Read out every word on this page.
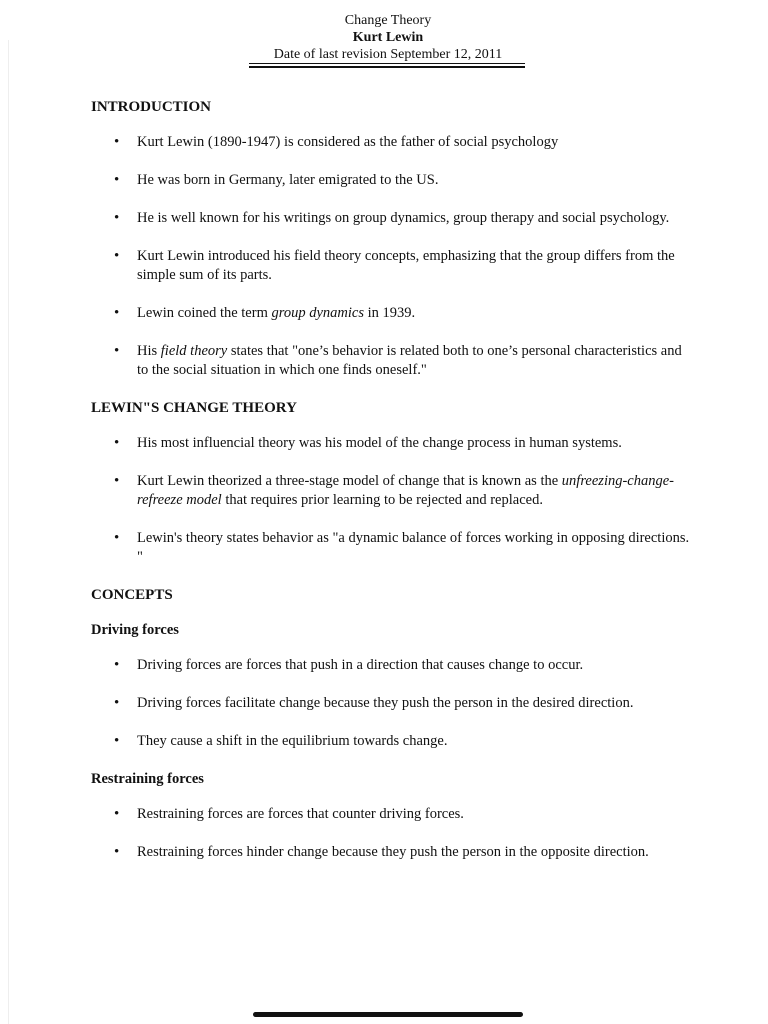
Change Theory
Kurt Lewin
Date of last revision September 12, 2011
INTRODUCTION
• Kurt Lewin (1890-1947) is considered as the father of social psychology
• He was born in Germany, later emigrated to the US.
• He is well known for his writings on group dynamics, group therapy and social psychology.
• Kurt Lewin introduced his field theory concepts, emphasizing that the group differs from the simple sum of its parts.
• Lewin coined the term group dynamics in 1939.
• His field theory states that "one’s behavior is related both to one’s personal characteristics and to the social situation in which one finds oneself."
LEWIN"S CHANGE THEORY
• His most influencial theory was his model of the change process in human systems.
• Kurt Lewin theorized a three-stage model of change that is known as the unfreezing-change-refreeze model that requires prior learning to be rejected and replaced.
• Lewin's theory states behavior as "a dynamic balance of forces working in opposing directions. "
CONCEPTS
Driving forces
• Driving forces are forces that push in a direction that causes change to occur.
• Driving forces facilitate change because they push the person in the desired direction.
• They cause a shift in the equilibrium towards change.
Restraining forces
• Restraining forces are forces that counter driving forces.
• Restraining forces hinder change because they push the person in the opposite direction.
